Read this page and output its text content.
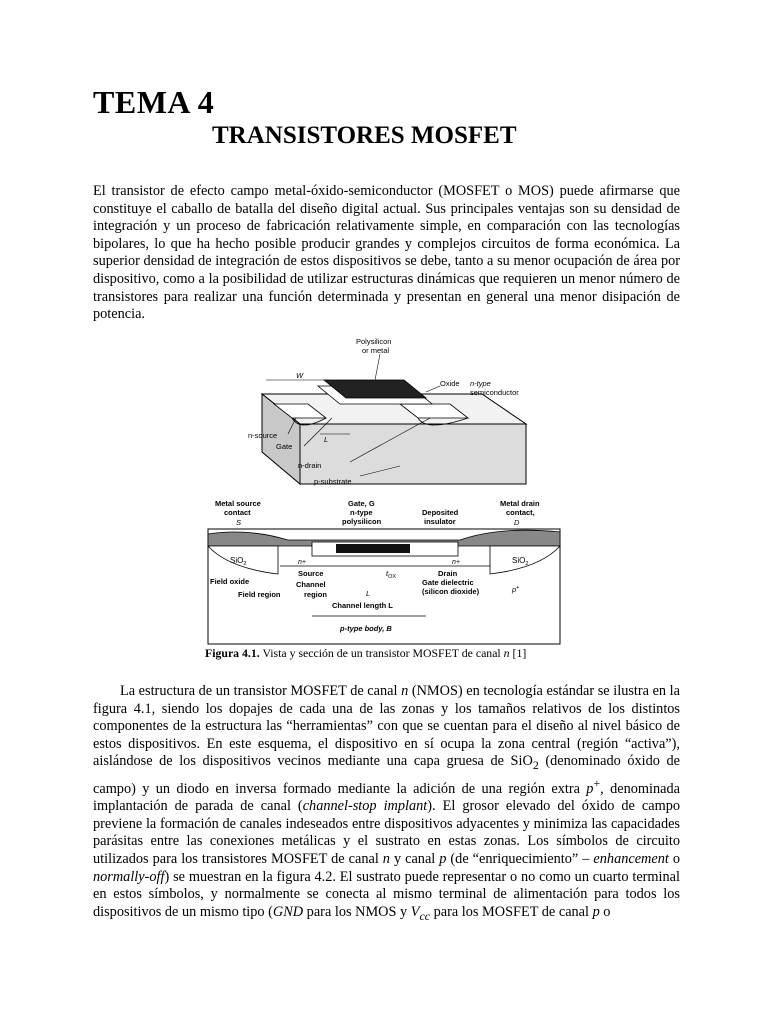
TEMA 4
TRANSISTORES MOSFET

El transistor de efecto campo metal-óxido-semiconductor (MOSFET o MOS) puede afirmarse que constituye el caballo de batalla del diseño digital actual. Sus principales ventajas son su densidad de integración y un proceso de fabricación relativamente simple, en comparación con las tecnologías bipolares, lo que ha hecho posible producir grandes y complejos circuitos de forma económica. La superior densidad de integración de estos dispositivos se debe, tanto a su menor ocupación de área por dispositivo, como a la posibilidad de utilizar estructuras dinámicas que requieren un menor número de transistores para realizar una función determinada y presentan en general una menor disipación de potencia.

Polysilicon
or metal
Oxide n-type
semiconductor
W
L
n-source
Gate
n-drain
p-substrate
Metal source
contact
S
Gate, G
n-type
polysilicon
Deposited
insulator
Metal drain
contact,
D
SiO$_2$	SiO$_2$
n+	n+
Field oxide
Source	$t_{OX}$	Drain
Gate dielectric
(silicon dioxide)
Field region
Channel
region	L	p+
Channel length L
p-type body, B
Figura 4.1. Vista y sección de un transistor MOSFET de canal n [1]

La estructura de un transistor MOSFET de canal n (NMOS) en tecnología estándar se ilustra en la figura 4.1, siendo los dopajes de cada una de las zonas y los tamaños relativos de los distintos componentes de la estructura las “herramientas” con que se cuentan para el diseño al nivel básico de estos dispositivos. En este esquema, el dispositivo en sí ocupa la zona central (región “activa”), aislándose de los dispositivos vecinos mediante una capa gruesa de SiO$_2$ (denominado óxido de campo) y un diodo en inversa formado mediante la adición de una región extra p+, denominada implantación de parada de canal (channel-stop implant). El grosor elevado del óxido de campo previene la formación de canales indeseados entre dispositivos adyacentes y minimiza las capacidades parásitas entre las conexiones metálicas y el sustrato en estas zonas. Los símbolos de circuito utilizados para los transistores MOSFET de canal n y canal p (de “enriquecimiento” – enhancement o normally-off) se muestran en la figura 4.2. El sustrato puede representar o no como un cuarto terminal en estos símbolos, y normalmente se conecta al mismo terminal de alimentación para todos los dispositivos de un mismo tipo (GND para los NMOS y $V_{cc}$ para los MOSFET de canal p o
